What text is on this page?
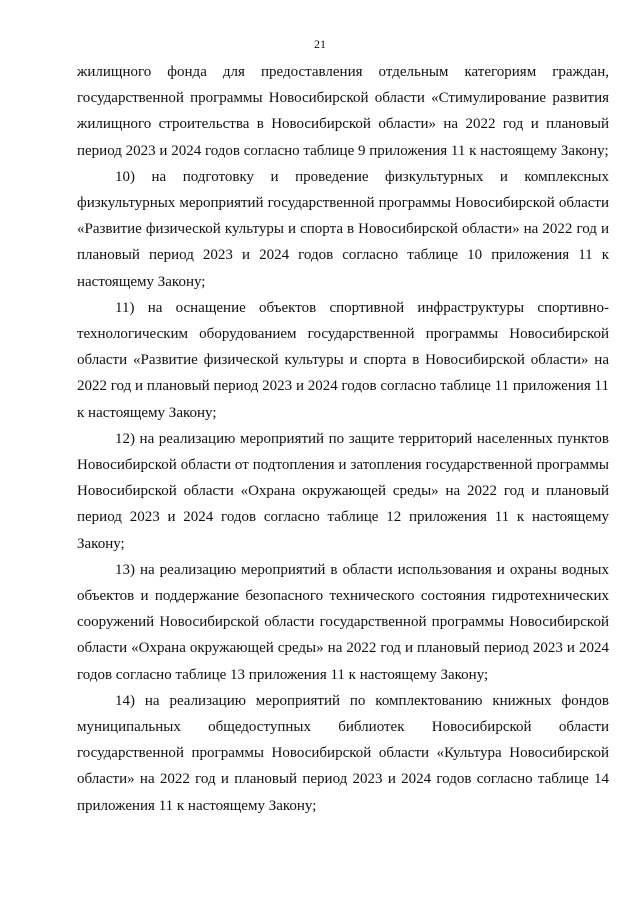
21

жилищного фонда для предоставления отдельным категориям граждан, государственной программы Новосибирской области «Стимулирование развития жилищного строительства в Новосибирской области» на 2022 год и плановый период 2023 и 2024 годов согласно таблице 9 приложения 11 к настоящему Закону;

10) на подготовку и проведение физкультурных и комплексных физкультурных мероприятий государственной программы Новосибирской области «Развитие физической культуры и спорта в Новосибирской области» на 2022 год и плановый период 2023 и 2024 годов согласно таблице 10 приложения 11 к настоящему Закону;

11) на оснащение объектов спортивной инфраструктуры спортивно-технологическим оборудованием государственной программы Новосибирской области «Развитие физической культуры и спорта в Новосибирской области» на 2022 год и плановый период 2023 и 2024 годов согласно таблице 11 приложения 11 к настоящему Закону;

12) на реализацию мероприятий по защите территорий населенных пунктов Новосибирской области от подтопления и затопления государственной программы Новосибирской области «Охрана окружающей среды» на 2022 год и плановый период 2023 и 2024 годов согласно таблице 12 приложения 11 к настоящему Закону;

13) на реализацию мероприятий в области использования и охраны водных объектов и поддержание безопасного технического состояния гидротехнических сооружений Новосибирской области государственной программы Новосибирской области «Охрана окружающей среды» на 2022 год и плановый период 2023 и 2024 годов согласно таблице 13 приложения 11 к настоящему Закону;

14) на реализацию мероприятий по комплектованию книжных фондов муниципальных общедоступных библиотек Новосибирской области государственной программы Новосибирской области «Культура Новосибирской области» на 2022 год и плановый период 2023 и 2024 годов согласно таблице 14 приложения 11 к настоящему Закону;
